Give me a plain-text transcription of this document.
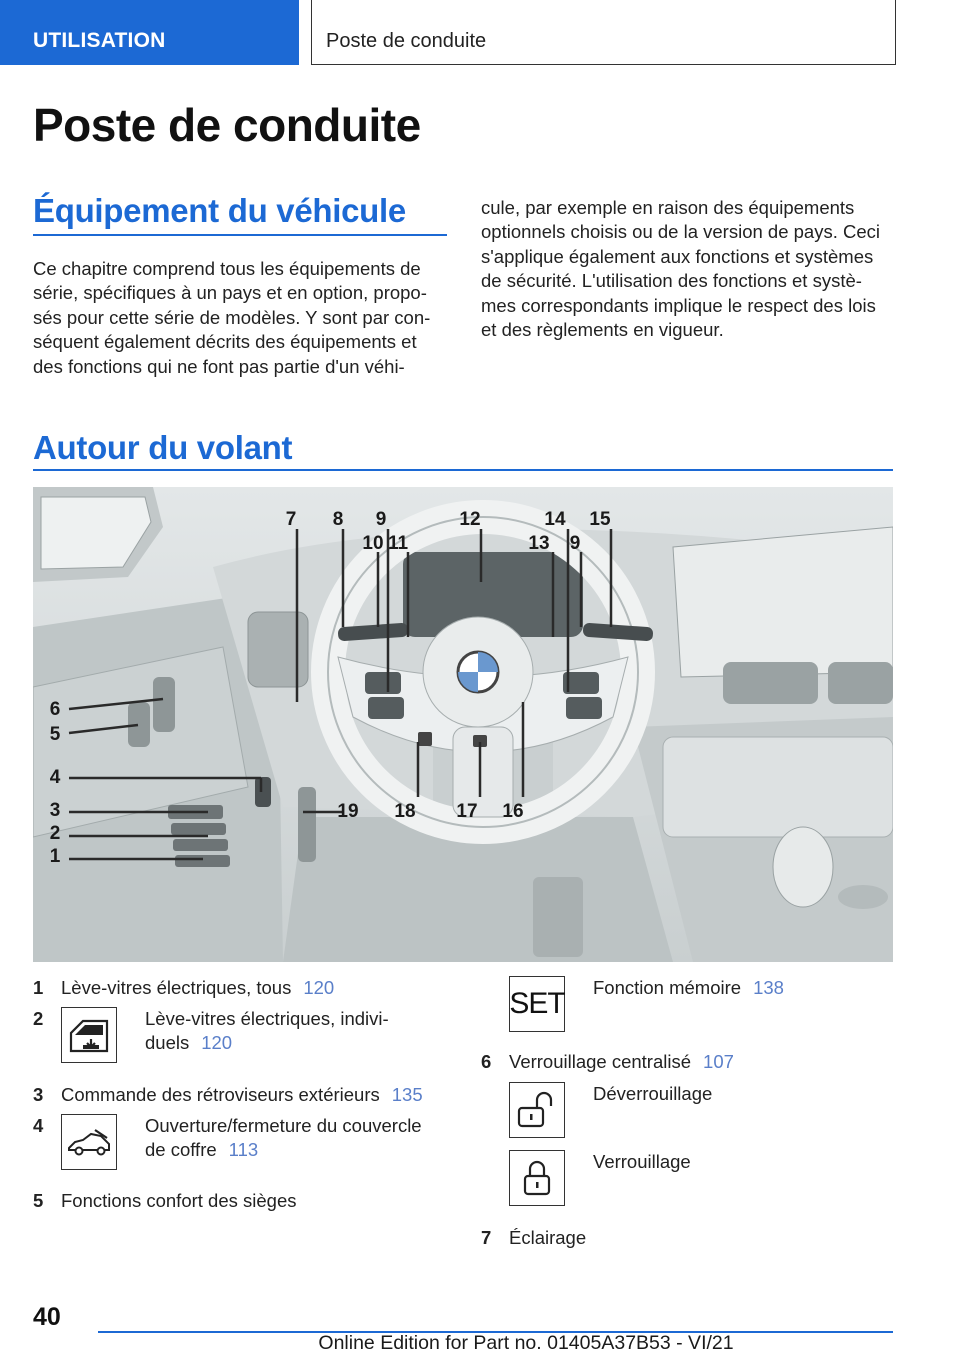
UTILISATION	Poste de conduite
Poste de conduite
Équipement du véhicule
Ce chapitre comprend tous les équipements de
série, spécifiques à un pays et en option, propo-
sés pour cette série de modèles. Y sont par con-
séquent également décrits des équipements et
des fonctions qui ne font pas partie d'un véhi-
cule, par exemple en raison des équipements
optionnels choisis ou de la version de pays. Ceci
s'applique également aux fonctions et systèmes
de sécurité. L'utilisation des fonctions et systè-
mes correspondants implique le respect des lois
et des règlements en vigueur.
Autour du volant
1
2
3
4
5
6
7 8 9
10 11
12
13
14
9
15
16
17
18
19
1 Lève-vitres électriques, tous 120
2	Lève-vitres électriques, indivi-
duels 120
3 Commande des rétroviseurs extérieurs 135
4	Ouverture/fermeture du couvercle
de coffre 113
5 Fonctions confort des sièges
SET Fonction mémoire 138
6 Verrouillage centralisé 107
Déverrouillage
Verrouillage
7 Éclairage
40
Online Edition for Part no. 01405A37B53 - VI/21
